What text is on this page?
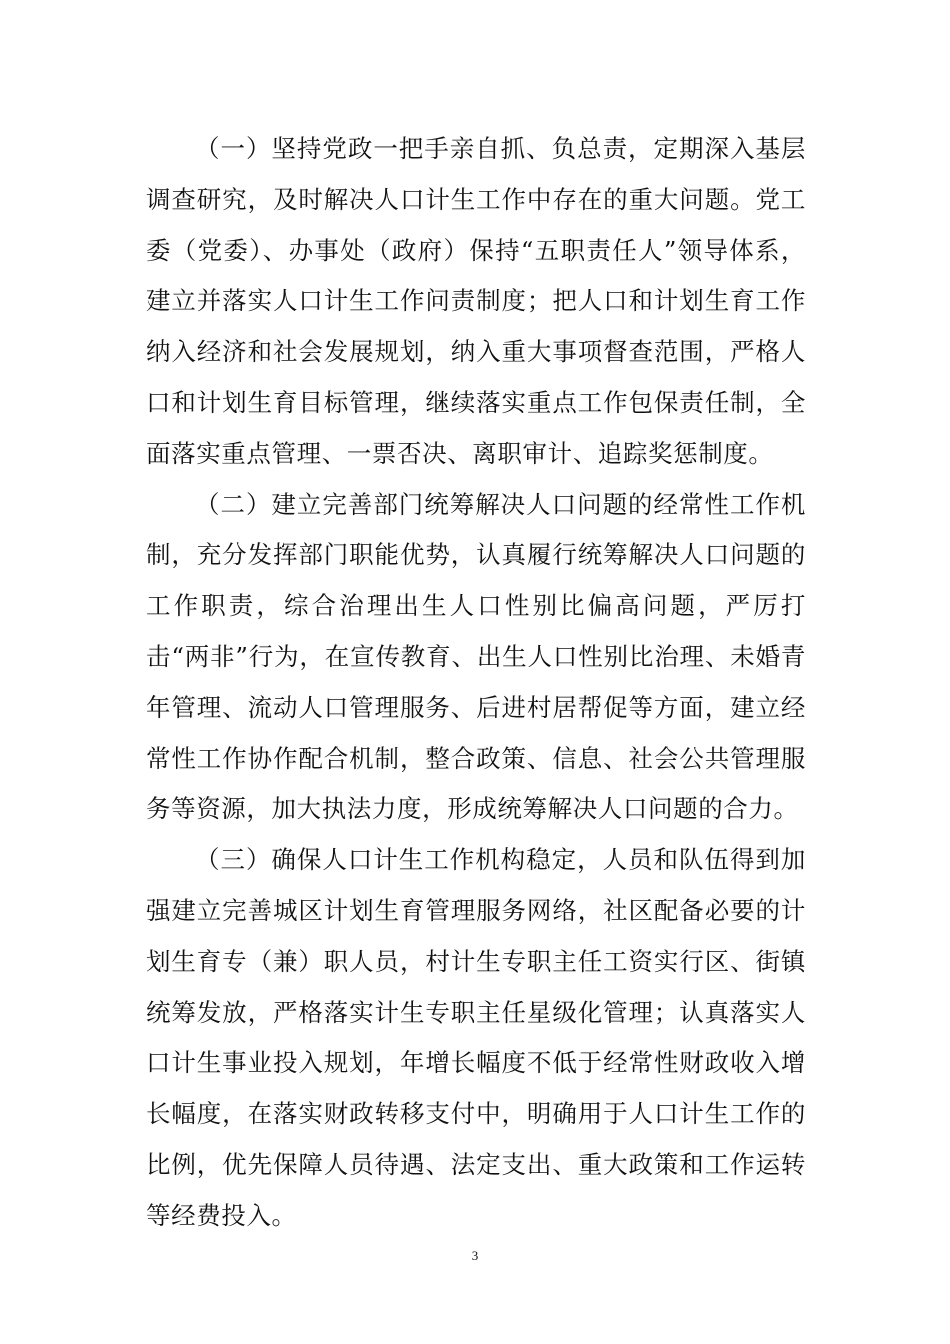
（一）坚持党政一把手亲自抓、负总责，定期深入基层调查研究，及时解决人口计生工作中存在的重大问题。党工委（党委）、办事处（政府）保持“五职责任人”领导体系，建立并落实人口计生工作问责制度；把人口和计划生育工作纳入经济和社会发展规划，纳入重大事项督查范围，严格人口和计划生育目标管理，继续落实重点工作包保责任制，全面落实重点管理、一票否决、离职审计、追踪奖惩制度。

（二）建立完善部门统筹解决人口问题的经常性工作机制，充分发挥部门职能优势，认真履行统筹解决人口问题的工作职责，综合治理出生人口性别比偏高问题，严厉打击“两非”行为，在宣传教育、出生人口性别比治理、未婚青年管理、流动人口管理服务、后进村居帮促等方面，建立经常性工作协作配合机制，整合政策、信息、社会公共管理服务等资源，加大执法力度，形成统筹解决人口问题的合力。

（三）确保人口计生工作机构稳定，人员和队伍得到加强建立完善城区计划生育管理服务网络，社区配备必要的计划生育专（兼）职人员，村计生专职主任工资实行区、街镇统筹发放，严格落实计生专职主任星级化管理；认真落实人口计生事业投入规划，年增长幅度不低于经常性财政收入增长幅度，在落实财政转移支付中，明确用于人口计生工作的比例，优先保障人员待遇、法定支出、重大政策和工作运转等经费投入。

3
